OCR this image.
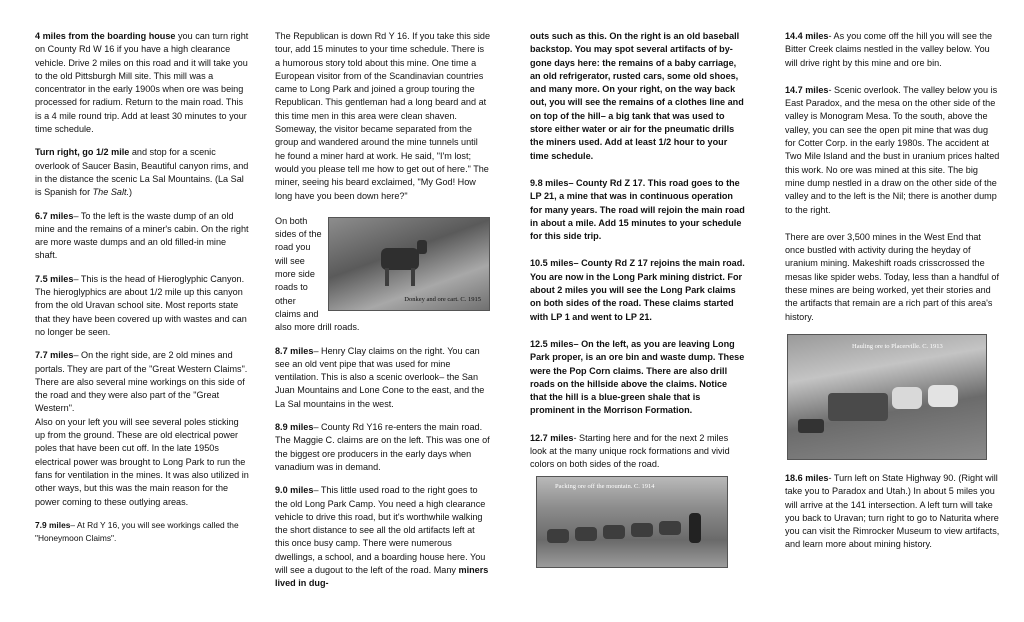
4 miles from the boarding house you can turn right on County Rd W 16 if you have a high clearance vehicle. Drive 2 miles on this road and it will take you to the old Pittsburgh Mill site. This mill was a concentrator in the early 1900s when ore was being processed for radium. Return to the main road. This is a 4 mile round trip. Add at least 30 minutes to your time schedule.

Turn right, go 1/2 mile and stop for a scenic overlook of Saucer Basin, Beautiful canyon rims, and in the distance the scenic La Sal Mountains. (La Sal is Spanish for The Salt.)

6.7 miles– To the left is the waste dump of an old mine and the remains of a miner's cabin. On the right are more waste dumps and an old filled-in mine shaft.

7.5 miles– This is the head of Hieroglyphic Canyon. The hieroglyphics are about 1/2 mile up this canyon from the old Uravan school site. Most reports state that they have been covered up with wastes and can no longer be seen.

7.7 miles– On the right side, are 2 old mines and portals. They are part of the "Great Western Claims". There are also several mine workings on this side of the road and they were also part of the "Great Western".

Also on your left you will see several poles sticking up from the ground. These are old electrical power poles that have been cut off. In the late 1950s electrical power was brought to Long Park to run the fans for ventilation in the mines. It was also utilized in other ways, but this was the main reason for the power coming to these outlying areas.

7.9 miles– At Rd Y 16, you will see workings called the "Honeymoon Claims".

The Republican is down Rd Y 16. If you take this side tour, add 15 minutes to your time schedule. There is a humorous story told about this mine. One time a European visitor from of the Scandinavian countries came to Long Park and joined a group touring the Republican. This gentleman had a long beard and at this time men in this area were clean shaven. Someway, the visitor became separated from the group and wandered around the mine tunnels until he found a miner hard at work. He said, "I'm lost; would you please tell me how to get out of here." The miner, seeing his beard exclaimed, "My God! How long have you been down here?"

Donkey and ore cart. C. 1915

On both sides of the road you will see more side roads to other claims and also more drill roads.

8.7 miles– Henry Clay claims on the right. You can see an old vent pipe that was used for mine ventilation. This is also a scenic overlook– the San Juan Mountains and Lone Cone to the east, and the La Sal mountains in the west.

8.9 miles– County Rd Y16 re-enters the main road. The Maggie C. claims are on the left. This was one of the biggest ore producers in the early days when vanadium was in demand.

9.0 miles– This little used road to the right goes to the old Long Park Camp. You need a high clearance vehicle to drive this road, but it's worthwhile walking the short distance to see all the old artifacts left at this once busy camp. There were numerous dwellings, a school, and a boarding house here. You will see a dugout to the left of the road. Many miners lived in dug-

outs such as this. On the right is an old baseball backstop. You may spot several artifacts of by-gone days here: the remains of a baby carriage, an old refrigerator, rusted cars, some old shoes, and many more. On your right, on the way back out, you will see the remains of a clothes line and on top of the hill– a big tank that was used to store either water or air for the pneumatic drills the miners used. Add at least 1/2 hour to your time schedule.

9.8 miles– County Rd Z 17. This road goes to the LP 21, a mine that was in continuous operation for many years. The road will rejoin the main road in about a mile. Add 15 minutes to your schedule for this side trip.

10.5 miles– County Rd Z 17 rejoins the main road. You are now in the Long Park mining district. For about 2 miles you will see the Long Park claims on both sides of the road. These claims started with LP 1 and went to LP 21.

12.5 miles– On the left, as you are leaving Long Park proper, is an ore bin and waste dump. These were the Pop Corn claims. There are also drill roads on the hillside above the claims. Notice that the hill is a blue-green shale that is prominent in the Morrison Formation.

12.7 miles- Starting here and for the next 2 miles look at the many unique rock formations and vivid colors on both sides of the road.

Packing ore off the mountain. C. 1914

14.4 miles- As you come off the hill you will see the Bitter Creek claims nestled in the valley below. You will drive right by this mine and ore bin.

14.7 miles- Scenic overlook. The valley below you is East Paradox, and the mesa on the other side of the valley is Monogram Mesa. To the south, above the valley, you can see the open pit mine that was dug for Cotter Corp. in the early 1980s. The accident at Two Mile Island and the bust in uranium prices halted this work. No ore was mined at this site. The big mine dump nestled in a draw on the other side of the valley and to the left is the Nil; there is another dump to the right.

There are over 3,500 mines in the West End that once bustled with activity during the heyday of uranium mining. Makeshift roads crisscrossed the mesas like spider webs. Today, less than a handful of these mines are being worked, yet their stories and the artifacts that remain are a rich part of this area's history.

Hauling ore to Placerville. C. 1913

18.6 miles- Turn left on State Highway 90. (Right will take you to Paradox and Utah.) In about 5 miles you will arrive at the 141 intersection. A left turn will take you back to Uravan; turn right to go to Naturita where you can visit the Rimrocker Museum to view artifacts, and learn more about mining history.
